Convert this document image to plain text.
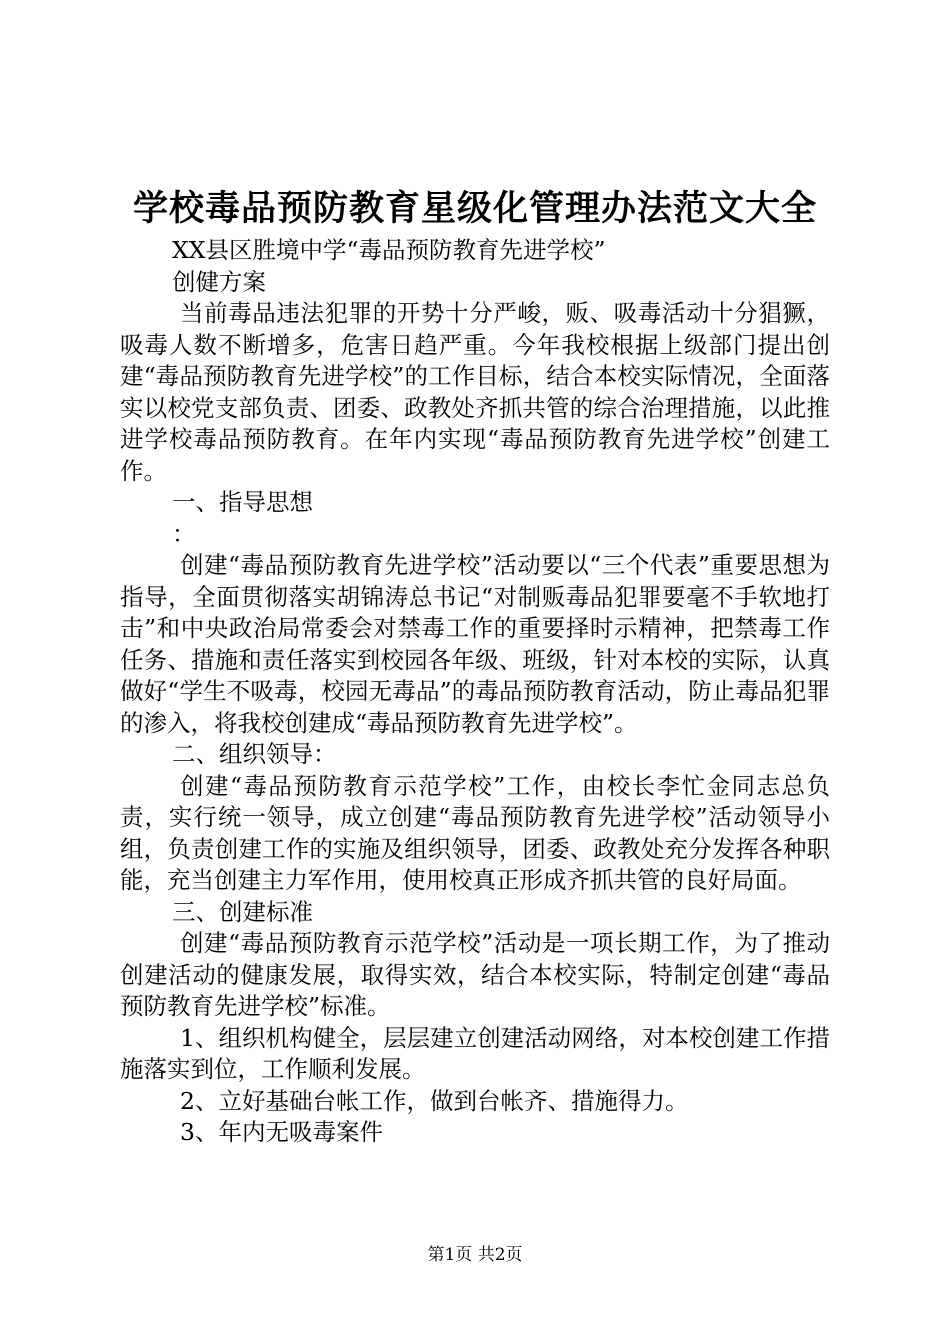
学校毒品预防教育星级化管理办法范文大全
XX县区胜境中学“毒品预防教育先进学校”
创健方案

当前毒品违法犯罪的开势十分严峻，贩、吸毒活动十分猖獗，吸毒人数不断增多，危害日趋严重。今年我校根据上级部门提出创建“毒品预防教育先进学校”的工作目标，结合本校实际情况，全面落实以校党支部负责、团委、政教处齐抓共管的综合治理措施，以此推进学校毒品预防教育。在年内实现“毒品预防教育先进学校”创建工作。

一、指导思想
：

创建“毒品预防教育先进学校”活动要以“三个代表”重要思想为指导，全面贯彻落实胡锦涛总书记“对制贩毒品犯罪要毫不手软地打击”和中央政治局常委会对禁毒工作的重要择时示精神，把禁毒工作任务、措施和责任落实到校园各年级、班级，针对本校的实际，认真做好“学生不吸毒，校园无毒品”的毒品预防教育活动，防止毒品犯罪的渗入，将我校创建成“毒品预防教育先进学校”。

二、组织领导：

创建“毒品预防教育示范学校”工作，由校长李忙金同志总负责，实行统一领导，成立创建“毒品预防教育先进学校”活动领导小组，负责创建工作的实施及组织领导，团委、政教处充分发挥各种职能，充当创建主力军作用，使用校真正形成齐抓共管的良好局面。

三、创建标准

创建“毒品预防教育示范学校”活动是一项长期工作，为了推动创建活动的健康发展，取得实效，结合本校实际，特制定创建“毒品预防教育先进学校”标准。

1、组织机构健全，层层建立创建活动网络，对本校创建工作措施落实到位，工作顺利发展。

2、立好基础台帐工作，做到台帐齐、措施得力。

3、年内无吸毒案件

第1页 共2页
